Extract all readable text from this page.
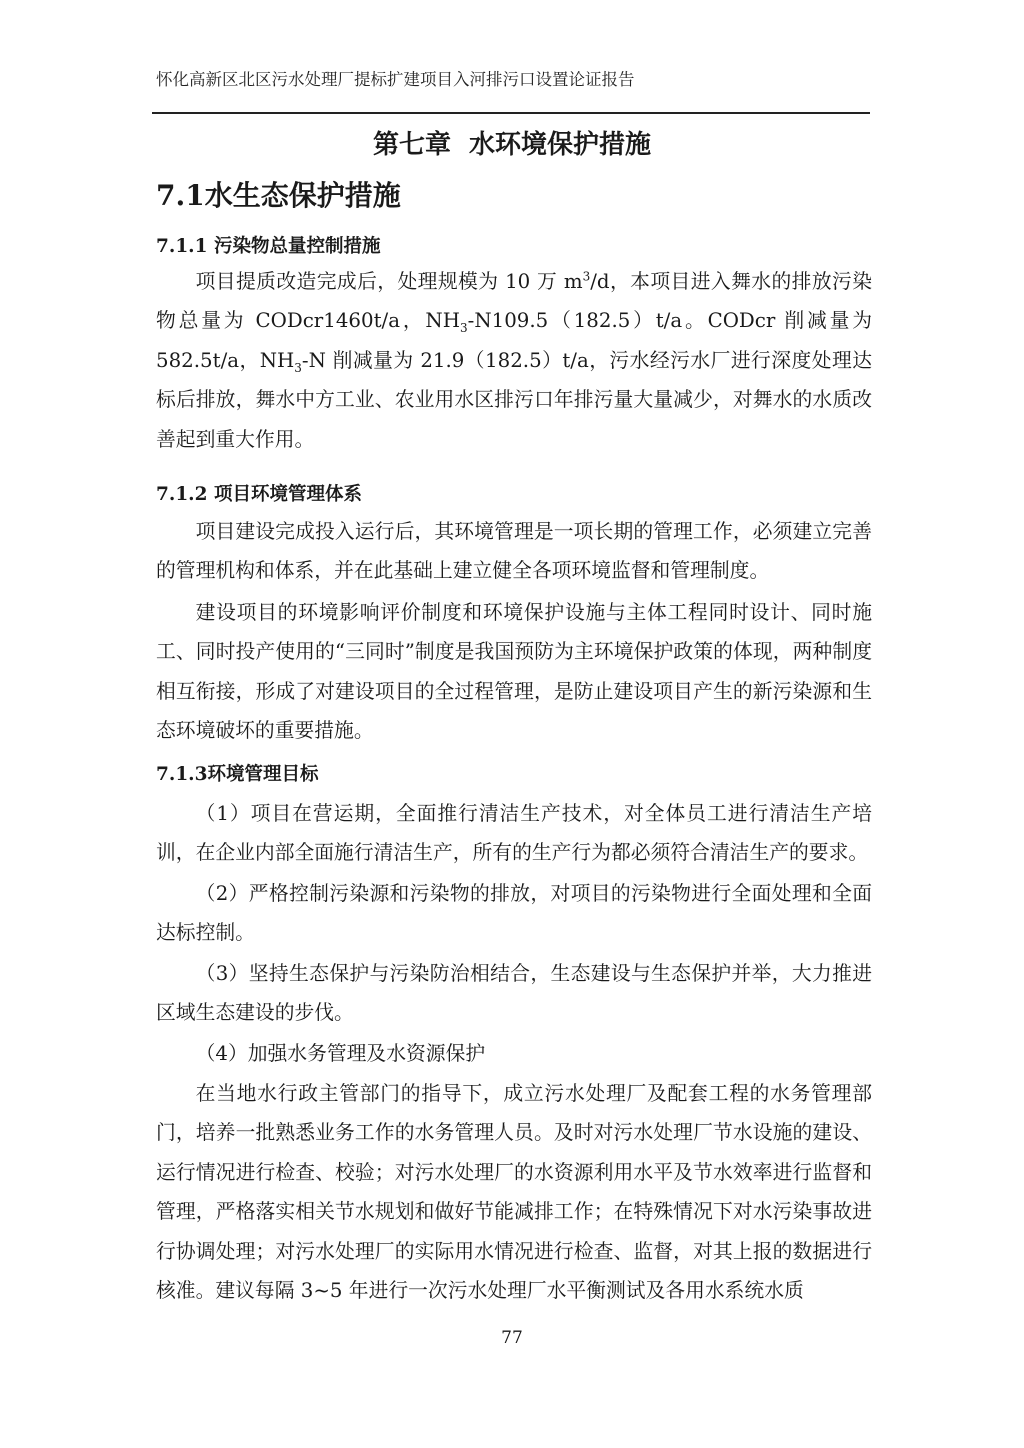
怀化高新区北区污水处理厂提标扩建项目入河排污口设置论证报告
第七章  水环境保护措施
7.1水生态保护措施
7.1.1 污染物总量控制措施

项目提质改造完成后，处理规模为 10 万 $m^3/d$，本项目进入舞水的排放污染物总量为 CODcr1460t/a，$NH_3-N109.5(182.5)t/a$。CODcr 削减量为 582.5t/a，$NH_3-N$ 削减量为 21.9（182.5）t/a，污水经污水厂进行深度处理达标后排放，舞水中方工业、农业用水区排污口年排污量大量减少，对舞水的水质改善起到重大作用。

7.1.2 项目环境管理体系

项目建设完成投入运行后，其环境管理是一项长期的管理工作，必须建立完善的管理机构和体系，并在此基础上建立健全各项环境监督和管理制度。

建设项目的环境影响评价制度和环境保护设施与主体工程同时设计、同时施工、同时投产使用的“三同时”制度是我国预防为主环境保护政策的体现，两种制度相互衔接，形成了对建设项目的全过程管理，是防止建设项目产生的新污染源和生态环境破坏的重要措施。

7.1.3环境管理目标

（1）项目在营运期，全面推行清洁生产技术，对全体员工进行清洁生产培训，在企业内部全面施行清洁生产，所有的生产行为都必须符合清洁生产的要求。

（2）严格控制污染源和污染物的排放，对项目的污染物进行全面处理和全面达标控制。

（3）坚持生态保护与污染防治相结合，生态建设与生态保护并举，大力推进区域生态建设的步伐。

（4）加强水务管理及水资源保护

在当地水行政主管部门的指导下，成立污水处理厂及配套工程的水务管理部门，培养一批熟悉业务工作的水务管理人员。及时对污水处理厂节水设施的建设、运行情况进行检查、校验；对污水处理厂的水资源利用水平及节水效率进行监督和管理，严格落实相关节水规划和做好节能减排工作；在特殊情况下对水污染事故进行协调处理；对污水处理厂的实际用水情况进行检查、监督，对其上报的数据进行核准。建议每隔 3~5 年进行一次污水处理厂水平衡测试及各用水系统水质

77
